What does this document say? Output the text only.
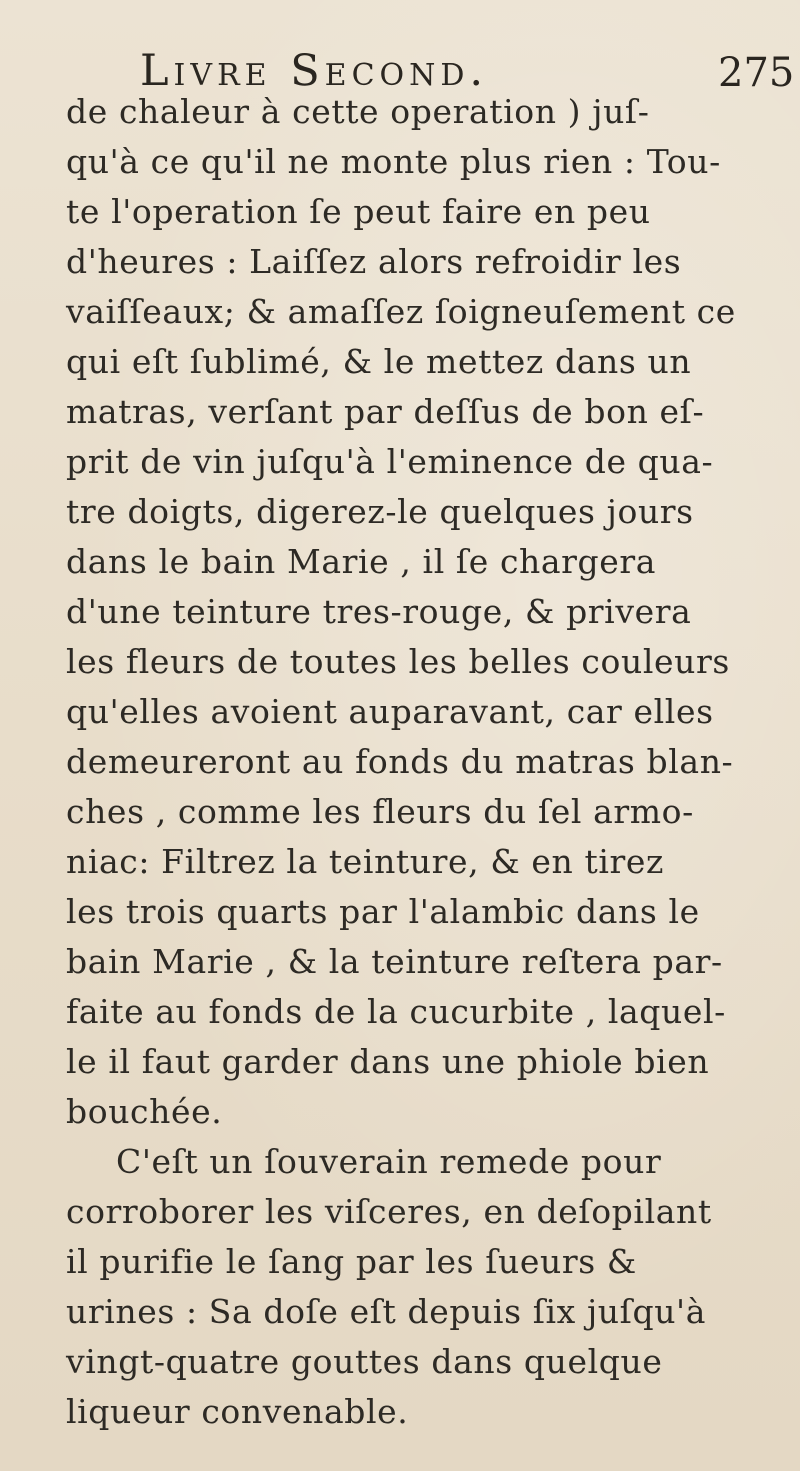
Livre Second.	275
de chaleur à cette operation ) juſ-
qu'à ce qu'il ne monte plus rien : Tou-
te l'operation ſe peut faire en peu
d'heures : Laiſſez alors refroidir les
vaiſſeaux; & amaſſez ſoigneuſement ce
qui eſt ſublimé, & le mettez dans un
matras, verſant par deſſus de bon eſ-
prit de vin juſqu'à l'eminence de qua-
tre doigts, digerez-le quelques jours
dans le bain Marie , il ſe chargera
d'une teinture tres-rouge, & privera
les fleurs de toutes les belles couleurs
qu'elles avoient auparavant, car elles
demeureront au fonds du matras blan-
ches , comme les fleurs du ſel armo-
niac: Filtrez la teinture, & en tirez
les trois quarts par l'alambic dans le
bain Marie , & la teinture reſtera par-
faite au fonds de la cucurbite , laquel-
le il faut garder dans une phiole bien
bouchée.
C'eſt un ſouverain remede pour
corroborer les viſceres, en deſopilant
il purifie le ſang par les ſueurs &
urines : Sa doſe eſt depuis ſix juſqu'à
vingt-quatre gouttes dans quelque
liqueur convenable.
